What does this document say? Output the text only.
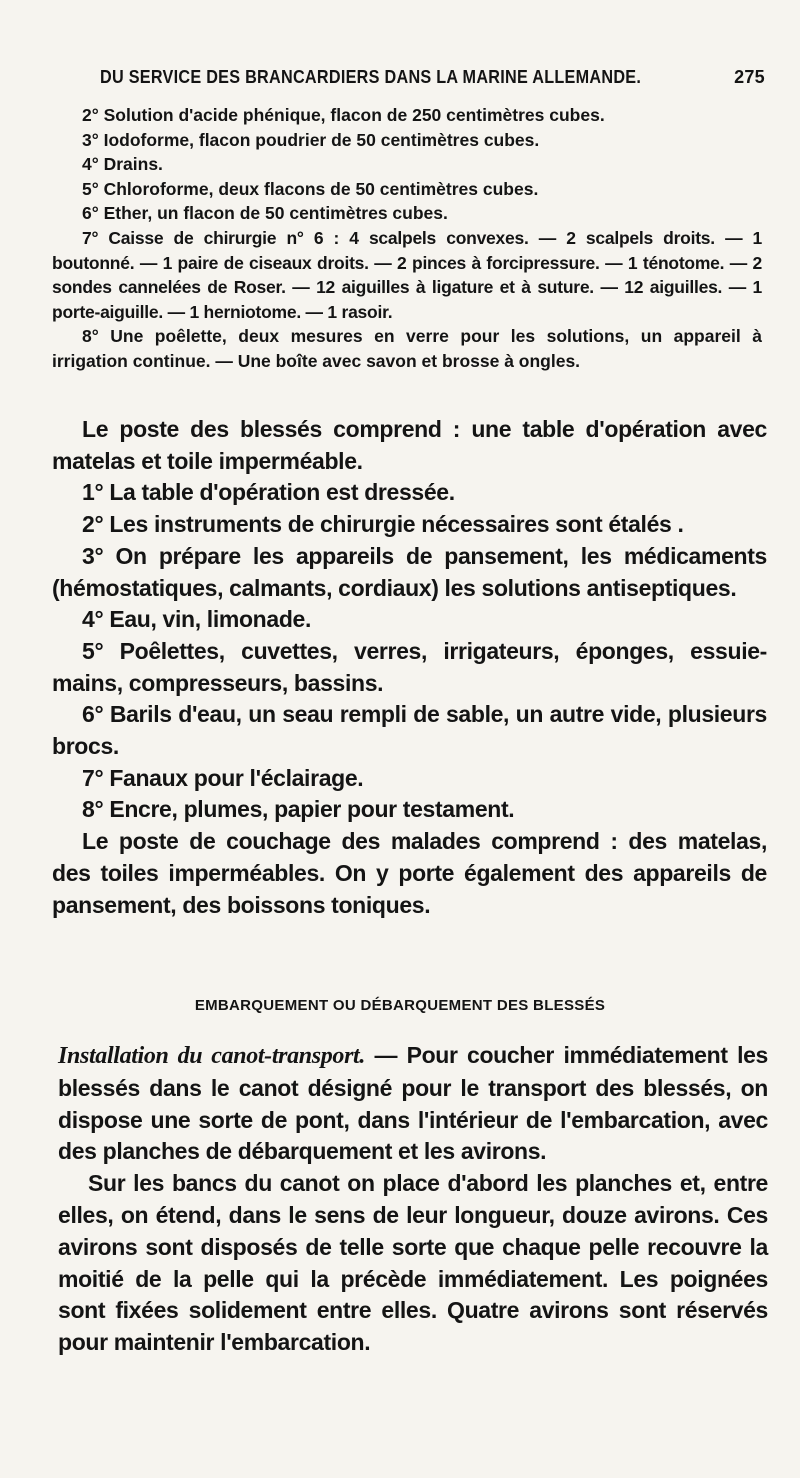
DU SERVICE DES BRANCARDIERS DANS LA MARINE ALLEMANDE.	275

2° Solution d'acide phénique, flacon de 250 centimètres cubes.

3° Iodoforme, flacon poudrier de 50 centimètres cubes.

4° Drains.

5° Chloroforme, deux flacons de 50 centimètres cubes.

6° Ether, un flacon de 50 centimètres cubes.

7° Caisse de chirurgie n° 6 : 4 scalpels convexes. — 2 scalpels droits. — 1 boutonné. — 1 paire de ciseaux droits. — 2 pinces à forcipressure. — 1 ténotome. — 2 sondes cannelées de Roser. — 12 aiguilles à ligature et à suture. — 12 aiguilles. — 1 porte-aiguille. — 1 herniotome. — 1 rasoir.

8° Une poêlette, deux mesures en verre pour les solutions, un appareil à irrigation continue. — Une boîte avec savon et brosse à ongles.

Le poste des blessés comprend : une table d'opération avec matelas et toile imperméable.

1° La table d'opération est dressée.

2° Les instruments de chirurgie nécessaires sont étalés .

3° On prépare les appareils de pansement, les médicaments (hémostatiques, calmants, cordiaux) les solutions antiseptiques.

4° Eau, vin, limonade.

5° Poêlettes, cuvettes, verres, irrigateurs, éponges, essuie-mains, compresseurs, bassins.

6° Barils d'eau, un seau rempli de sable, un autre vide, plusieurs brocs.

7° Fanaux pour l'éclairage.

8° Encre, plumes, papier pour testament.

Le poste de couchage des malades comprend : des matelas, des toiles imperméables. On y porte également des appareils de pansement, des boissons toniques.

EMBARQUEMENT OU DÉBARQUEMENT DES BLESSÉS

Installation du canot-transport. — Pour coucher immédiatement les blessés dans le canot désigné pour le transport des blessés, on dispose une sorte de pont, dans l'intérieur de l'embarcation, avec des planches de débarquement et les avirons.

Sur les bancs du canot on place d'abord les planches et, entre elles, on étend, dans le sens de leur longueur, douze avirons. Ces avirons sont disposés de telle sorte que chaque pelle recouvre la moitié de la pelle qui la précède immédiatement. Les poignées sont fixées solidement entre elles. Quatre avirons sont réservés pour maintenir l'embarcation.
